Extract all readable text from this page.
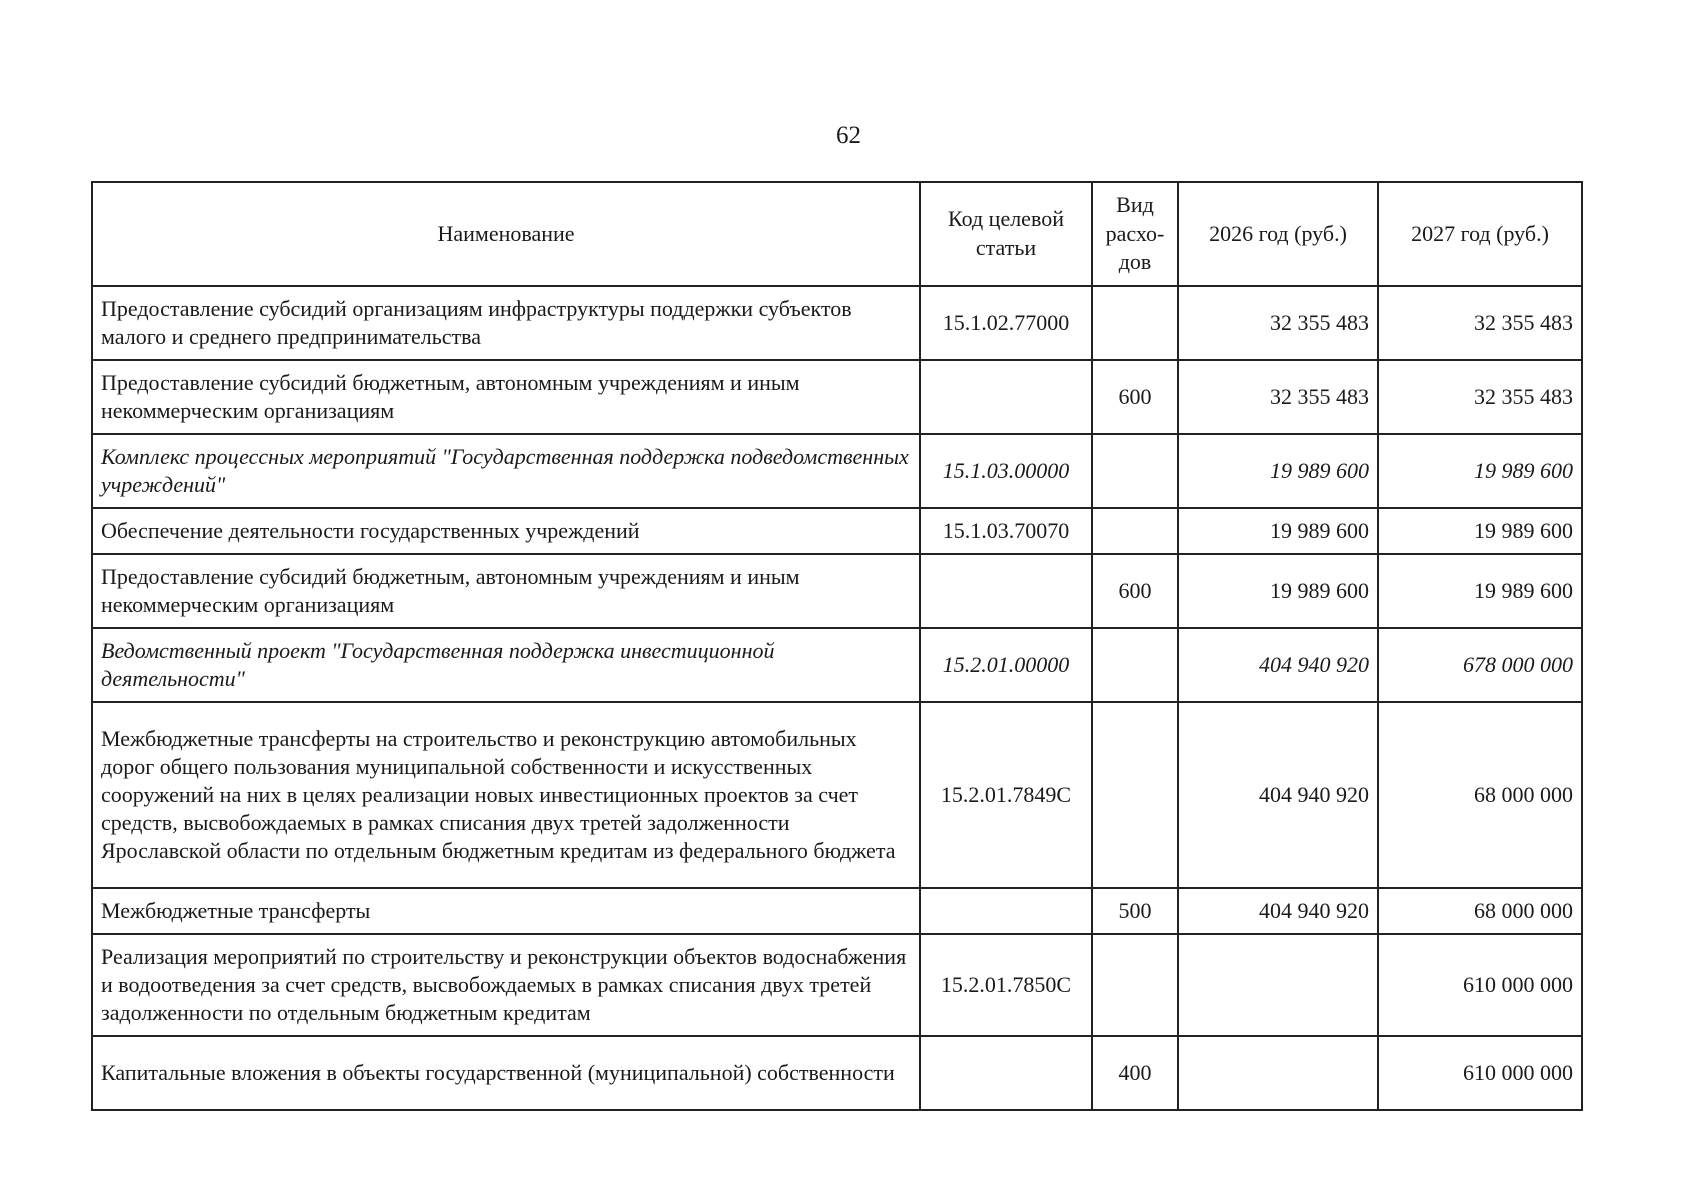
62
Наименование	Код целевой статьи	Вид расхо-дов	2026 год (руб.)	2027 год (руб.)
Предоставление субсидий организациям инфраструктуры поддержки субъектов малого и среднего предпринимательства	15.1.02.77000		32 355 483	32 355 483
Предоставление субсидий бюджетным, автономным учреждениям и иным некоммерческим организациям		600	32 355 483	32 355 483
Комплекс процессных мероприятий "Государственная поддержка подведомственных учреждений"	15.1.03.00000		19 989 600	19 989 600
Обеспечение деятельности государственных учреждений	15.1.03.70070		19 989 600	19 989 600
Предоставление субсидий бюджетным, автономным учреждениям и иным некоммерческим организациям		600	19 989 600	19 989 600
Ведомственный проект "Государственная поддержка инвестиционной деятельности"	15.2.01.00000		404 940 920	678 000 000
Межбюджетные трансферты на строительство и реконструкцию автомобильных дорог общего пользования муниципальной собственности и искусственных сооружений на них в целях реализации новых инвестиционных проектов за счет средств, высвобождаемых в рамках списания двух третей задолженности Ярославской области по отдельным бюджетным кредитам из федерального бюджета	15.2.01.7849С		404 940 920	68 000 000
Межбюджетные трансферты		500	404 940 920	68 000 000
Реализация мероприятий по строительству и реконструкции объектов водоснабжения и водоотведения за счет средств, высвобождаемых в рамках списания двух третей задолженности по отдельным бюджетным кредитам	15.2.01.7850С			610 000 000
Капитальные вложения в объекты государственной (муниципальной) собственности		400		610 000 000
